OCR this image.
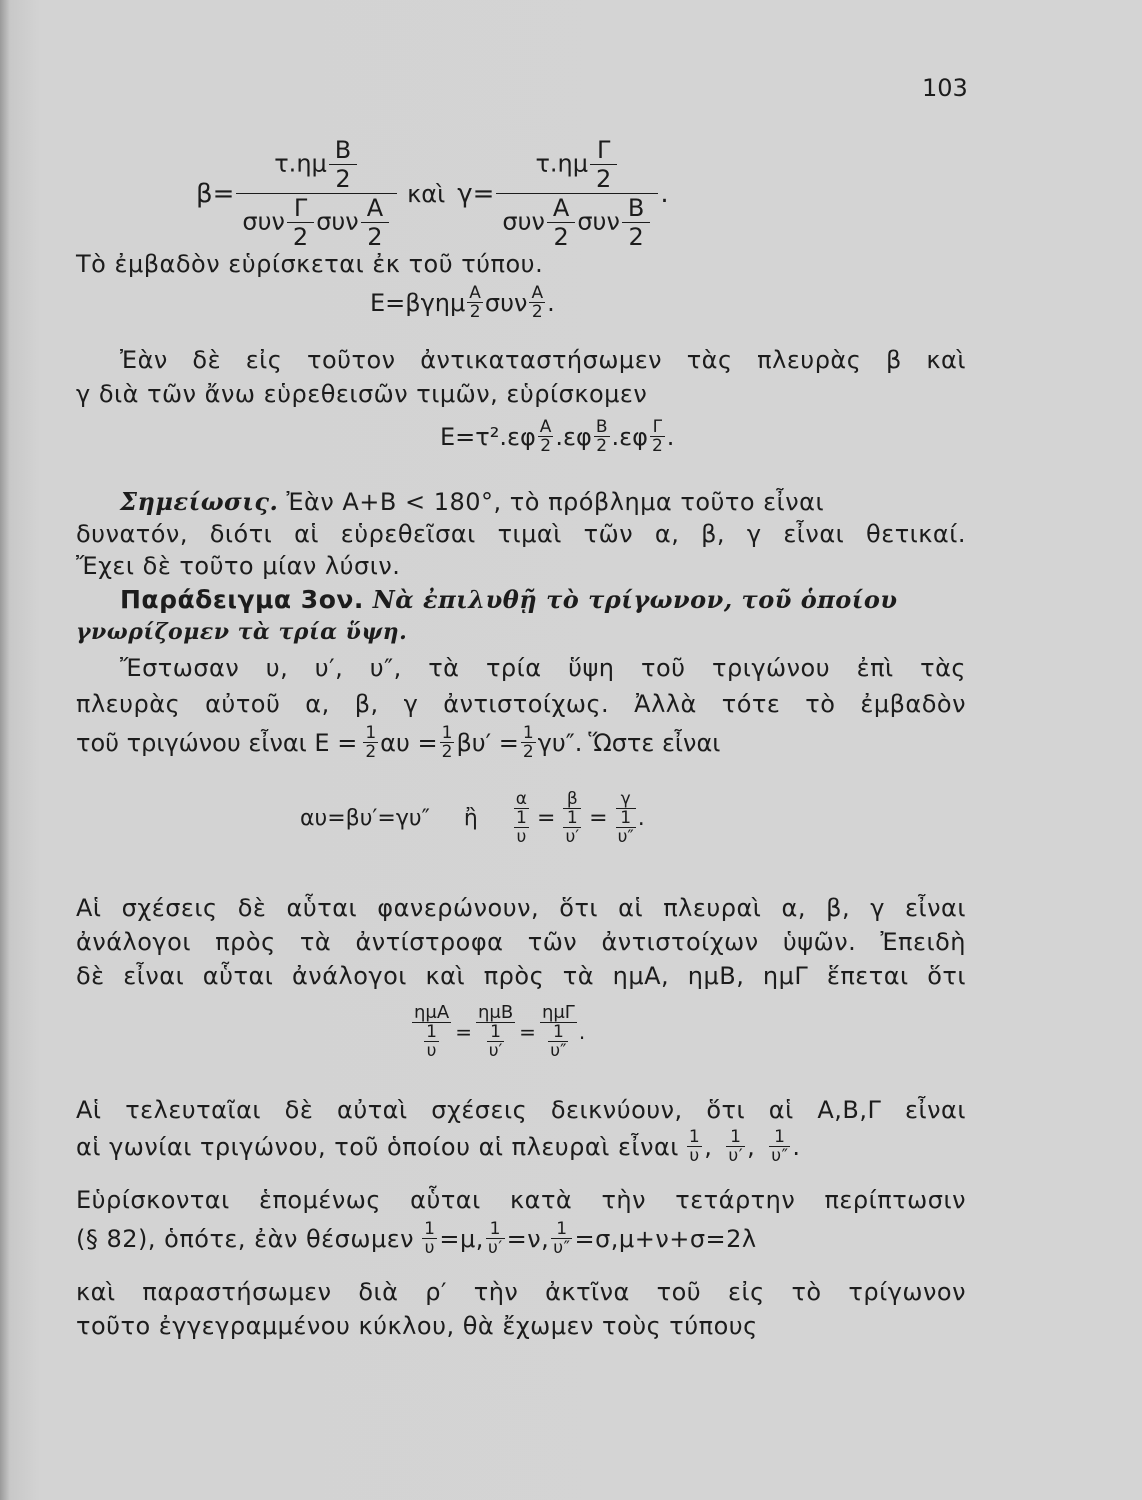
103
$\beta = \frac{\tau.\eta\mu \frac{B}{2}}{\sigma\upsilon\nu \frac{\Gamma}{2} \sigma\upsilon\nu \frac{A}{2}}$ καὶ $\gamma = \frac{\tau.\eta\mu \frac{\Gamma}{2}}{\sigma\upsilon\nu \frac{A}{2} \sigma\upsilon\nu \frac{B}{2}}$ .
Τὸ ἐμβαδὸν εὑρίσκεται ἐκ τοῦ τύπου.
$E=\beta\gamma\eta\mu \frac{A}{2}$ συν $\frac{A}{2}$ .
Ἐὰν δὲ εἰς τοῦτον ἀντικαταστήσωμεν τὰς πλευρὰς β καὶ
γ διὰ τῶν ἄνω εὑρεθεισῶν τιμῶν, εὑρίσκομεν
$E=\tau^2.\varepsilon\varphi \frac{A}{2} .\varepsilon\varphi \frac{B}{2} .\varepsilon\varphi \frac{\Gamma}{2}$ .
Σημείωσις. Ἐὰν Α+Β < 180°, τὸ πρόβλημα τοῦτο εἶναι
δυνατόν, διότι αἱ εὑρεθεῖσαι τιμαὶ τῶν α, β, γ εἶναι θετικαί.
Ἔχει δὲ τοῦτο μίαν λύσιν.
Παράδειγμα 3ον. Νὰ ἐπιλυθῇ τὸ τρίγωνον, τοῦ ὁποίου
γνωρίζομεν τὰ τρία ὕψη.
Ἔστωσαν υ, υ′, υ″, τὰ τρία ὕψη τοῦ τριγώνου ἐπὶ τὰς
πλευρὰς αὐτοῦ α, β, γ ἀντιστοίχως. Ἀλλὰ τότε τὸ ἐμβαδὸν
τοῦ τριγώνου εἶναι $E = \frac{1}{2}$ $\alpha\upsilon = \frac{1}{2} \beta\upsilon' = \frac{1}{2} \gamma\upsilon''$. Ὥστε εἶναι
αυ=βυ′=γυ″ ἢ $\frac{\alpha}{\frac{1}{\upsilon}} = \frac{\beta}{\frac{1}{\upsilon'}} = \frac{\gamma}{\frac{1}{\upsilon''}}$ .
Αἱ σχέσεις δὲ αὗται φανερώνουν, ὅτι αἱ πλευραὶ α, β, γ εἶναι
ἀνάλογοι πρὸς τὰ ἀντίστροφα τῶν ἀντιστοίχων ὑψῶν. Ἐπειδὴ
δὲ εἶναι αὗται ἀνάλογοι καὶ πρὸς τὰ ημΑ, ημΒ, ημΓ ἕπεται ὅτι
$\frac{\text{ημΑ}}{\frac{1}{\upsilon}} = \frac{\text{ημΒ}}{\frac{1}{\upsilon'}} = \frac{\text{ημΓ}}{\frac{1}{\upsilon''}}$ .
Αἱ τελευταῖαι δὲ αὐταὶ σχέσεις δεικνύουν, ὅτι αἱ Α,Β,Γ εἶναι
αἱ γωνίαι τριγώνου, τοῦ ὁποίου αἱ πλευραὶ εἶναι $\frac{1}{\upsilon}$ , $\frac{1}{\upsilon'}$ , $\frac{1}{\upsilon''}$ .
Εὑρίσκονται ἑπομένως αὗται κατὰ τὴν τετάρτην περίπτωσιν
(§ 82), ὁπότε, ἐὰν θέσωμεν $\frac{1}{\upsilon} =\mu$, $\frac{1}{\upsilon'} =\nu$, $\frac{1}{\upsilon''} =\sigma,\mu+\nu+\sigma=2\lambda$
καὶ παραστήσωμεν διὰ ρ′ τὴν ἀκτῖνα τοῦ εἰς τὸ τρίγωνον
τοῦτο ἐγγεγραμμένου κύκλου, θὰ ἔχωμεν τοὺς τύπους
